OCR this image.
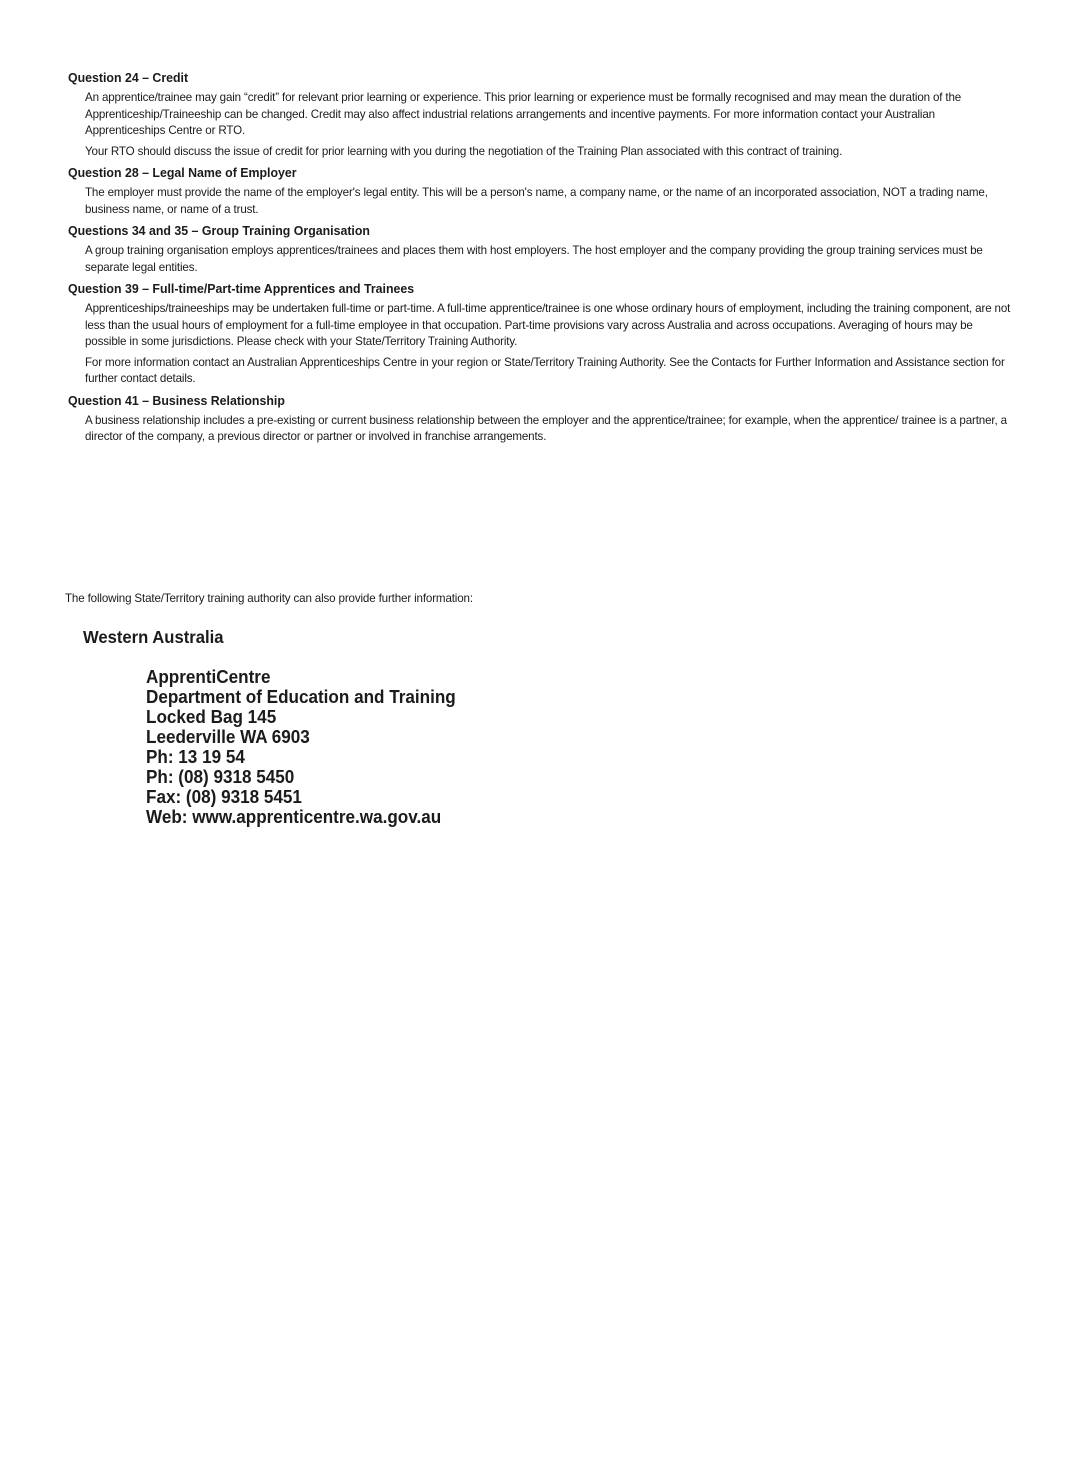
Question 24 – Credit

An apprentice/trainee may gain “credit” for relevant prior learning or experience. This prior learning or experience must be formally recognised and may mean the duration of the Apprenticeship/Traineeship can be changed. Credit may also affect industrial relations arrangements and incentive payments. For more information contact your Australian Apprenticeships Centre or RTO.

Your RTO should discuss the issue of credit for prior learning with you during the negotiation of the Training Plan associated with this contract of training.

Question 28 – Legal Name of Employer

The employer must provide the name of the employer's legal entity. This will be a person's name, a company name, or the name of an incorporated association, NOT a trading name, business name, or name of a trust.

Questions 34 and 35 – Group Training Organisation

A group training organisation employs apprentices/trainees and places them with host employers. The host employer and the company providing the group training services must be separate legal entities.

Question 39 – Full-time/Part-time Apprentices and Trainees

Apprenticeships/traineeships may be undertaken full-time or part-time. A full-time apprentice/trainee is one whose ordinary hours of employment, including the training component, are not less than the usual hours of employment for a full-time employee in that occupation. Part-time provisions vary across Australia and across occupations. Averaging of hours may be possible in some jurisdictions. Please check with your State/Territory Training Authority.

For more information contact an Australian Apprenticeships Centre in your region or State/Territory Training Authority. See the Contacts for Further Information and Assistance section for further contact details.

Question 41 – Business Relationship

A business relationship includes a pre-existing or current business relationship between the employer and the apprentice/trainee; for example, when the apprentice/ trainee is a partner, a director of the company, a previous director or partner or involved in franchise arrangements.

The following State/Territory training authority can also provide further information:
Western Australia
ApprentiCentre
Department of Education and Training
Locked Bag 145
Leederville WA 6903
Ph: 13 19 54
Ph: (08) 9318 5450
Fax: (08) 9318 5451
Web: www.apprenticentre.wa.gov.au
